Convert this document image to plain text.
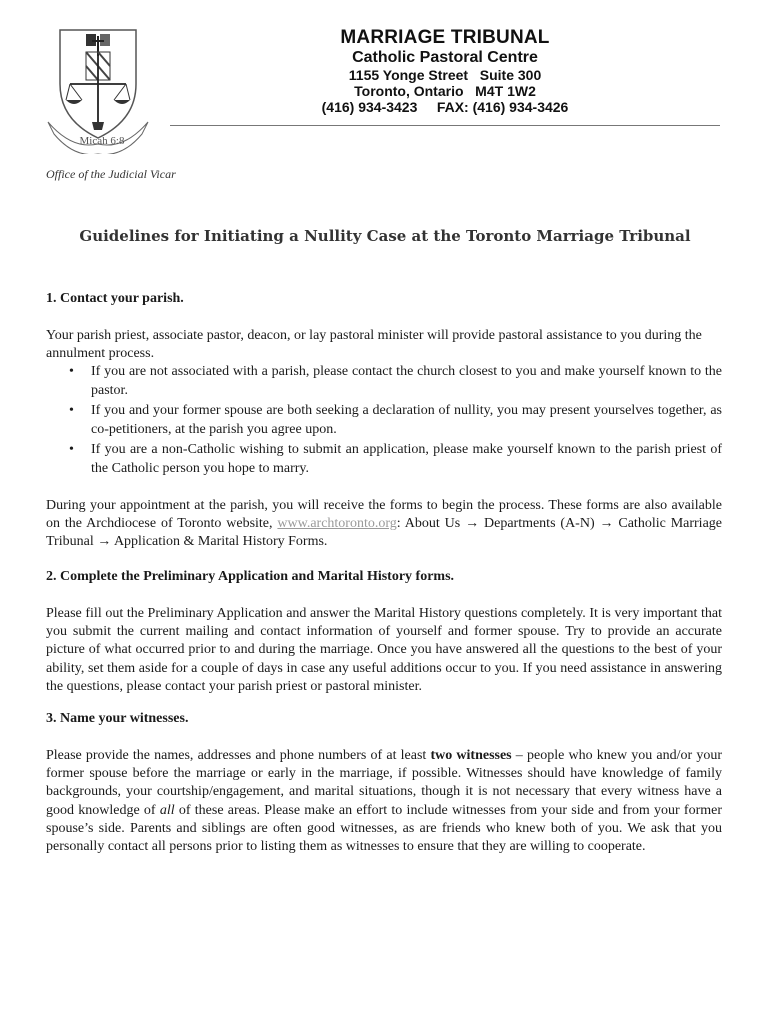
Micah 6:8
Office of the Judicial Vicar
MARRIAGE TRIBUNAL
Catholic Pastoral Centre
1155 Yonge Street   Suite 300
Toronto, Ontario   M4T 1W2
(416) 934-3423     FAX: (416) 934-3426
Guidelines for Initiating a Nullity Case at the Toronto Marriage Tribunal
1. Contact your parish.
Your parish priest, associate pastor, deacon, or lay pastoral minister will provide pastoral assistance to you during the annulment process.
• If you are not associated with a parish, please contact the church closest to you and make yourself known to the pastor.
• If you and your former spouse are both seeking a declaration of nullity, you may present yourselves together, as co-petitioners, at the parish you agree upon.
• If you are a non-Catholic wishing to submit an application, please make yourself known to the parish priest of the Catholic person you hope to marry.
During your appointment at the parish, you will receive the forms to begin the process. These forms are also available on the Archdiocese of Toronto website, www.archtoronto.org: About Us → Departments (A-N) → Catholic Marriage Tribunal → Application & Marital History Forms.
2. Complete the Preliminary Application and Marital History forms.
Please fill out the Preliminary Application and answer the Marital History questions completely. It is very important that you submit the current mailing and contact information of yourself and former spouse. Try to provide an accurate picture of what occurred prior to and during the marriage. Once you have answered all the questions to the best of your ability, set them aside for a couple of days in case any useful additions occur to you. If you need assistance in answering the questions, please contact your parish priest or pastoral minister.
3. Name your witnesses.
Please provide the names, addresses and phone numbers of at least two witnesses – people who knew you and/or your former spouse before the marriage or early in the marriage, if possible. Witnesses should have knowledge of family backgrounds, your courtship/engagement, and marital situations, though it is not necessary that every witness have a good knowledge of all of these areas. Please make an effort to include witnesses from your side and from your former spouse’s side. Parents and siblings are often good witnesses, as are friends who knew both of you. We ask that you personally contact all persons prior to listing them as witnesses to ensure that they are willing to cooperate.
